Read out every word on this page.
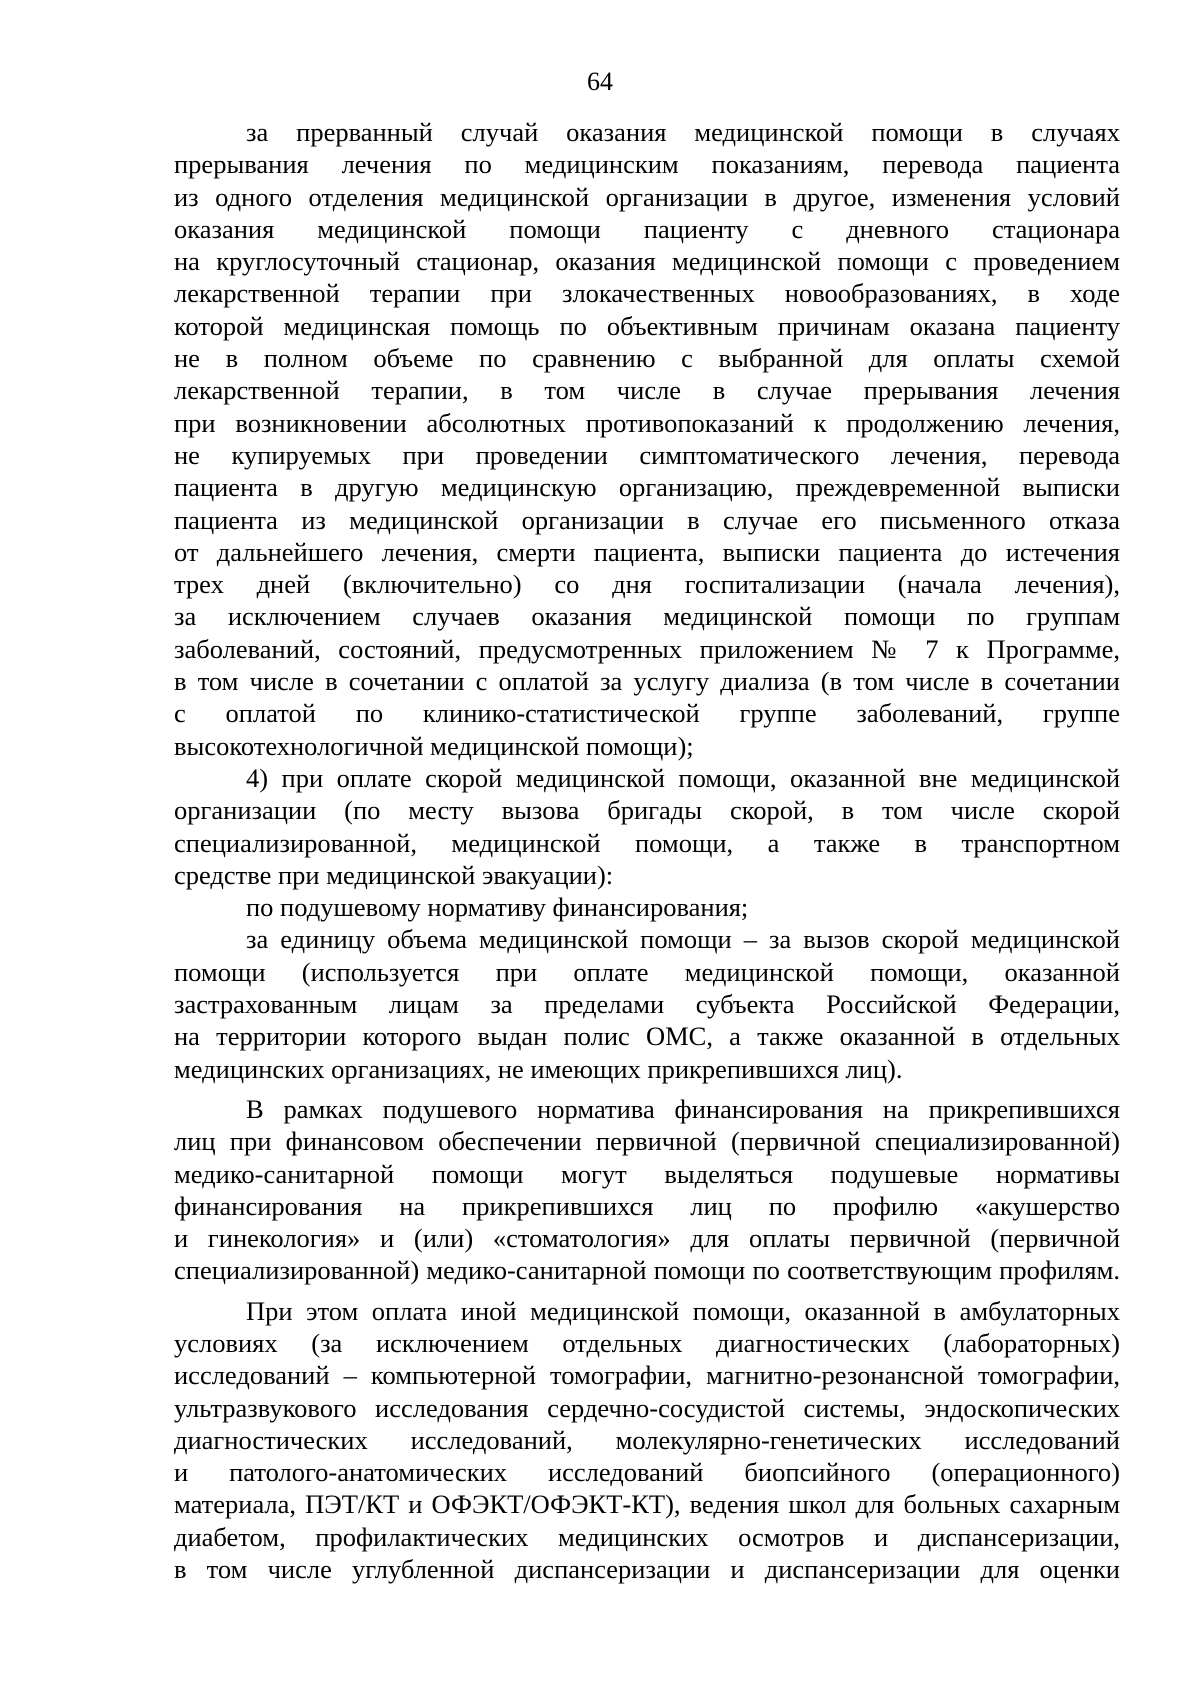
64
за прерванный случай оказания медицинской помощи в случаях
прерывания лечения по медицинским показаниям, перевода пациента
из одного отделения медицинской организации в другое, изменения условий
оказания медицинской помощи пациенту с дневного стационара
на круглосуточный стационар, оказания медицинской помощи с проведением
лекарственной терапии при злокачественных новообразованиях, в ходе
которой медицинская помощь по объективным причинам оказана пациенту
не в полном объеме по сравнению с выбранной для оплаты схемой
лекарственной терапии, в том числе в случае прерывания лечения
при возникновении абсолютных противопоказаний к продолжению лечения,
не купируемых при проведении симптоматического лечения, перевода
пациента в другую медицинскую организацию, преждевременной выписки
пациента из медицинской организации в случае его письменного отказа
от дальнейшего лечения, смерти пациента, выписки пациента до истечения
трех дней (включительно) со дня госпитализации (начала лечения),
за исключением случаев оказания медицинской помощи по группам
заболеваний, состояний, предусмотренных приложением № 7 к Программе,
в том числе в сочетании с оплатой за услугу диализа (в том числе в сочетании
с оплатой по клинико-статистической группе заболеваний, группе
высокотехнологичной медицинской помощи);
4) при оплате скорой медицинской помощи, оказанной вне медицинской
организации (по месту вызова бригады скорой, в том числе скорой
специализированной, медицинской помощи, а также в транспортном
средстве при медицинской эвакуации):
по подушевому нормативу финансирования;
за единицу объема медицинской помощи – за вызов скорой медицинской
помощи (используется при оплате медицинской помощи, оказанной
застрахованным лицам за пределами субъекта Российской Федерации,
на территории которого выдан полис ОМС, а также оказанной в отдельных
медицинских организациях, не имеющих прикрепившихся лиц).
В рамках подушевого норматива финансирования на прикрепившихся
лиц при финансовом обеспечении первичной (первичной специализированной)
медико-санитарной помощи могут выделяться подушевые нормативы
финансирования на прикрепившихся лиц по профилю «акушерство
и гинекология» и (или) «стоматология» для оплаты первичной (первичной
специализированной) медико-санитарной помощи по соответствующим профилям.
При этом оплата иной медицинской помощи, оказанной в амбулаторных
условиях (за исключением отдельных диагностических (лабораторных)
исследований – компьютерной томографии, магнитно-резонансной томографии,
ультразвукового исследования сердечно-сосудистой системы, эндоскопических
диагностических исследований, молекулярно-генетических исследований
и патолого-анатомических исследований биопсийного (операционного)
материала, ПЭТ/КТ и ОФЭКТ/ОФЭКТ-КТ), ведения школ для больных сахарным
диабетом, профилактических медицинских осмотров и диспансеризации,
в том числе углубленной диспансеризации и диспансеризации для оценки
